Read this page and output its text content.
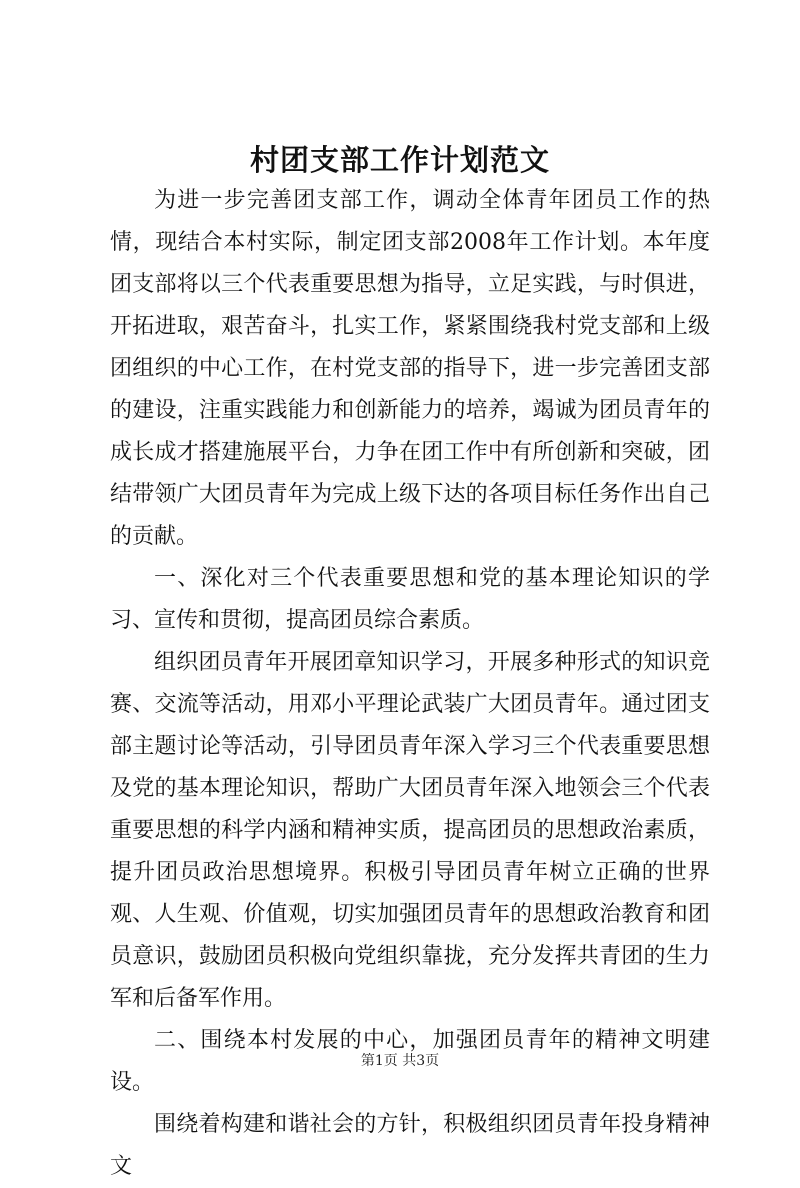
村团支部工作计划范文

为进一步完善团支部工作，调动全体青年团员工作的热情，现结合本村实际，制定团支部2008年工作计划。本年度团支部将以三个代表重要思想为指导，立足实践，与时俱进，开拓进取，艰苦奋斗，扎实工作，紧紧围绕我村党支部和上级团组织的中心工作，在村党支部的指导下，进一步完善团支部的建设，注重实践能力和创新能力的培养，竭诚为团员青年的成长成才搭建施展平台，力争在团工作中有所创新和突破，团结带领广大团员青年为完成上级下达的各项目标任务作出自己的贡献。

一、深化对三个代表重要思想和党的基本理论知识的学习、宣传和贯彻，提高团员综合素质。

组织团员青年开展团章知识学习，开展多种形式的知识竞赛、交流等活动，用邓小平理论武装广大团员青年。通过团支部主题讨论等活动，引导团员青年深入学习三个代表重要思想及党的基本理论知识，帮助广大团员青年深入地领会三个代表重要思想的科学内涵和精神实质，提高团员的思想政治素质，提升团员政治思想境界。积极引导团员青年树立正确的世界观、人生观、价值观，切实加强团员青年的思想政治教育和团员意识，鼓励团员积极向党组织靠拢，充分发挥共青团的生力军和后备军作用。

二、围绕本村发展的中心，加强团员青年的精神文明建设。

围绕着构建和谐社会的方针，积极组织团员青年投身精神文

第1页 共3页
